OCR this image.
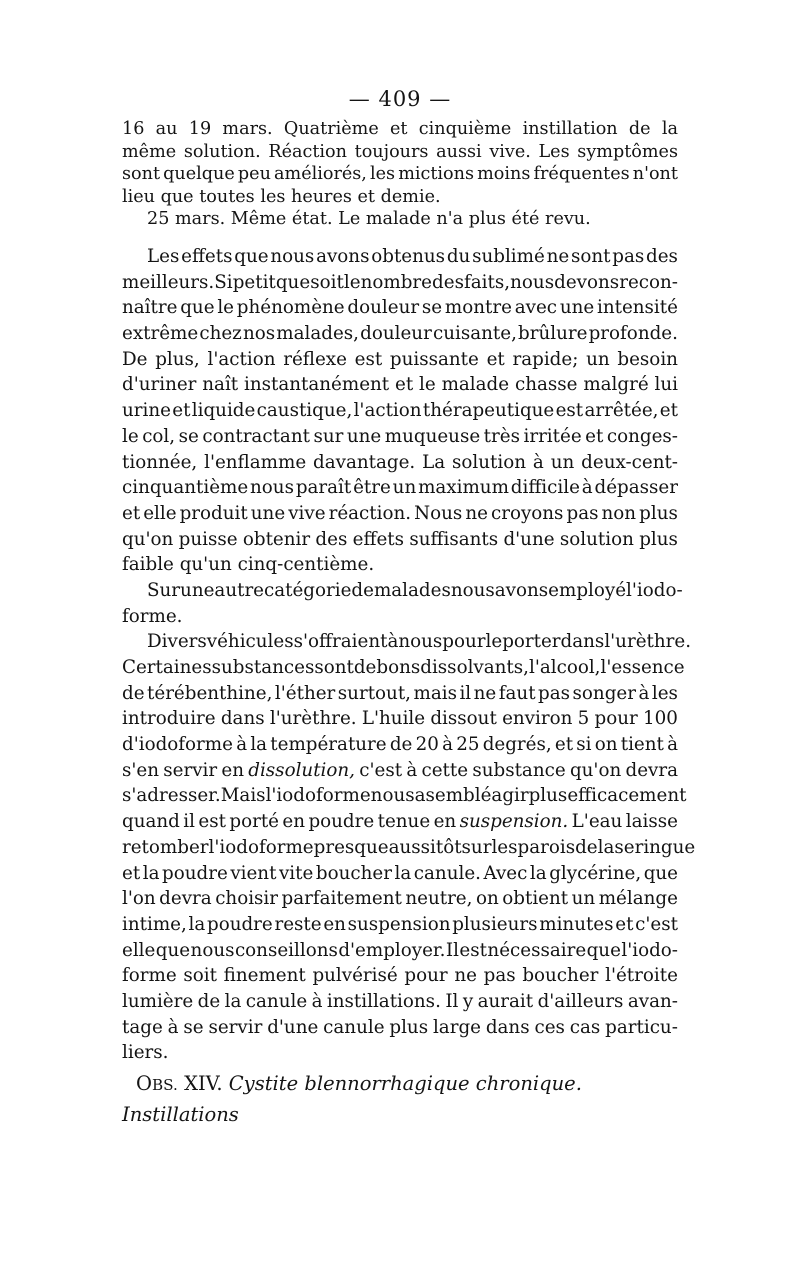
— 409 —
16 au 19 mars. Quatrième et cinquième instillation de la
même solution. Réaction toujours aussi vive. Les symptômes
sont quelque peu améliorés, les mictions moins fréquentes n'ont
lieu
que
toutes
les
heures
et
demie.
25
mars.
Même
état.
Le
malade
n'a
plus
été
revu.
Les effets que nous avons obtenus du sublimé ne sont pas des
meilleurs. Si petit que soit le nombre des faits, nous devons recon-
naître que le phénomène douleur se montre avec une intensité
extrême chez nos malades, douleur cuisante, brûlure profonde.
De plus, l'action réflexe est puissante et rapide; un besoin
d'uriner naît instantanément et le malade chasse malgré lui
urine et liquide caustique, l'action thérapeutique est arrêtée, et
le col, se contractant sur une muqueuse très irritée et conges-
tionnée, l'enflamme davantage. La solution à un deux-cent-
cinquantième nous paraît être un maximum difficile à dépasser
et elle produit une vive réaction. Nous ne croyons pas non plus
qu'on puisse obtenir des effets suffisants d'une solution plus
faible
qu'un
cinq-centième.
Sur une autre catégorie de malades nous avons employé l'iodo-
forme.
Divers véhicules s'offraient à nous pour le porter dans l'urèthre.
Certaines substances sont de bons dissolvants, l'alcool, l'essence
de térébenthine, l'éther surtout, mais il ne faut pas songer à les
introduire dans l'urèthre. L'huile dissout environ 5 pour 100
d'iodoforme à la température de 20 à 25 degrés, et si on tient à
s'en servir en dissolution, c'est à cette substance qu'on devra
s'adresser. Mais l'iodoforme nous a semblé agir plus efficacement
quand il est porté en poudre tenue en suspension. L'eau laisse
retomber l'iodoforme presque aussitôt sur les parois de la seringue
et la poudre vient vite boucher la canule. Avec la glycérine, que
l'on devra choisir parfaitement neutre, on obtient un mélange
intime, la poudre reste en suspension plusieurs minutes et c'est
elle que nous conseillons d'employer. Il est nécessaire que l'iodo-
forme soit finement pulvérisé pour ne pas boucher l'étroite
lumière de la canule à instillations. Il y aurait d'ailleurs avan-
tage à se servir d'une canule plus large dans ces cas particu-
liers.
OBS. XIV. Cystite blennorrhagique chronique. Instillations
